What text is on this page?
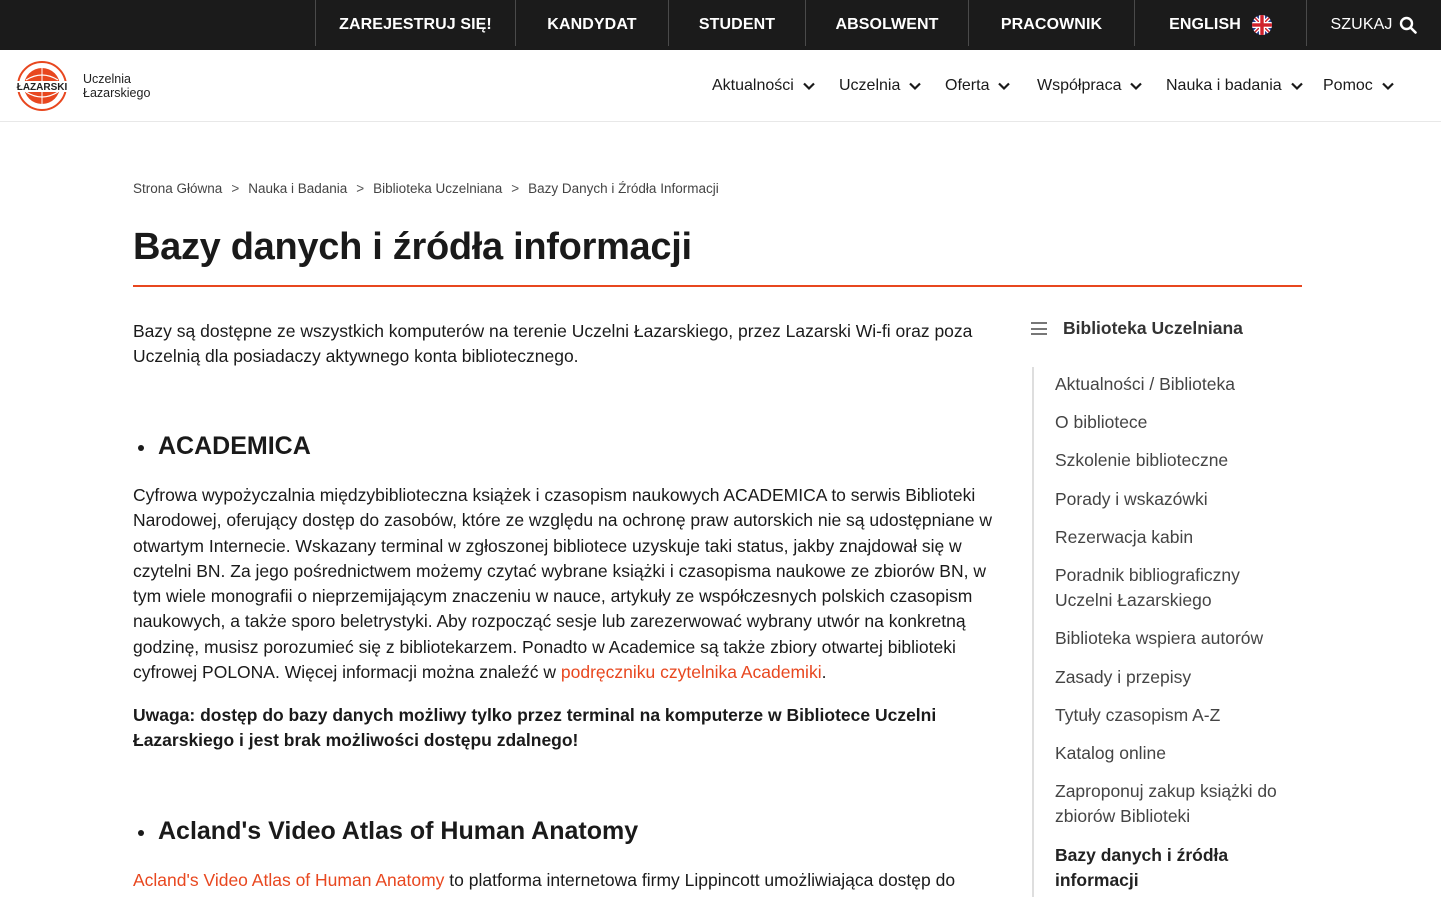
ZAREJESTRUJ SIĘ!	KANDYDAT	STUDENT	ABSOLWENT	PRACOWNIK	ENGLISH	SZUKAJ
ŁAZARSKI
Uczelnia
Łazarskiego	Aktualności	Uczelnia	Oferta	Współpraca	Nauka i badania	Pomoc
Strona Główna > Nauka i Badania > Biblioteka Uczelniana > Bazy Danych i Źródła Informacji
Bazy danych i źródła informacji

Bazy są dostępne ze wszystkich komputerów na terenie Uczelni Łazarskiego, przez Lazarski Wi-fi oraz poza Uczelnią dla posiadaczy aktywnego konta bibliotecznego.

ACADEMICA

Cyfrowa wypożyczalnia międzybiblioteczna książek i czasopism naukowych ACADEMICA to serwis Biblioteki Narodowej, oferujący dostęp do zasobów, które ze względu na ochronę praw autorskich nie są udostępniane w otwartym Internecie. Wskazany terminal w zgłoszonej bibliotece uzyskuje taki status, jakby znajdował się w czytelni BN. Za jego pośrednictwem możemy czytać wybrane książki i czasopisma naukowe ze zbiorów BN, w tym wiele monografii o nieprzemijającym znaczeniu w nauce, artykuły ze współczesnych polskich czasopism naukowych, a także sporo beletrystyki. Aby rozpocząć sesje lub zarezerwować wybrany utwór na konkretną godzinę, musisz porozumieć się z bibliotekarzem. Ponadto w Academice są także zbiory otwartej biblioteki cyfrowej POLONA. Więcej informacji można znaleźć w podręczniku czytelnika Academiki.

Uwaga: dostęp do bazy danych możliwy tylko przez terminal na komputerze w Bibliotece Uczelni Łazarskiego i jest brak możliwości dostępu zdalnego!

Acland's Video Atlas of Human Anatomy

Acland's Video Atlas of Human Anatomy to platforma internetowa firmy Lippincott umożliwiająca dostęp do

Biblioteka Uczelniana
Aktualności / Biblioteka
O bibliotece
Szkolenie biblioteczne
Porady i wskazówki
Rezerwacja kabin
Poradnik bibliograficzny Uczelni Łazarskiego
Biblioteka wspiera autorów
Zasady i przepisy
Tytuły czasopism A-Z
Katalog online
Zaproponuj zakup książki do zbiorów Biblioteki
Bazy danych i źródła informacji
